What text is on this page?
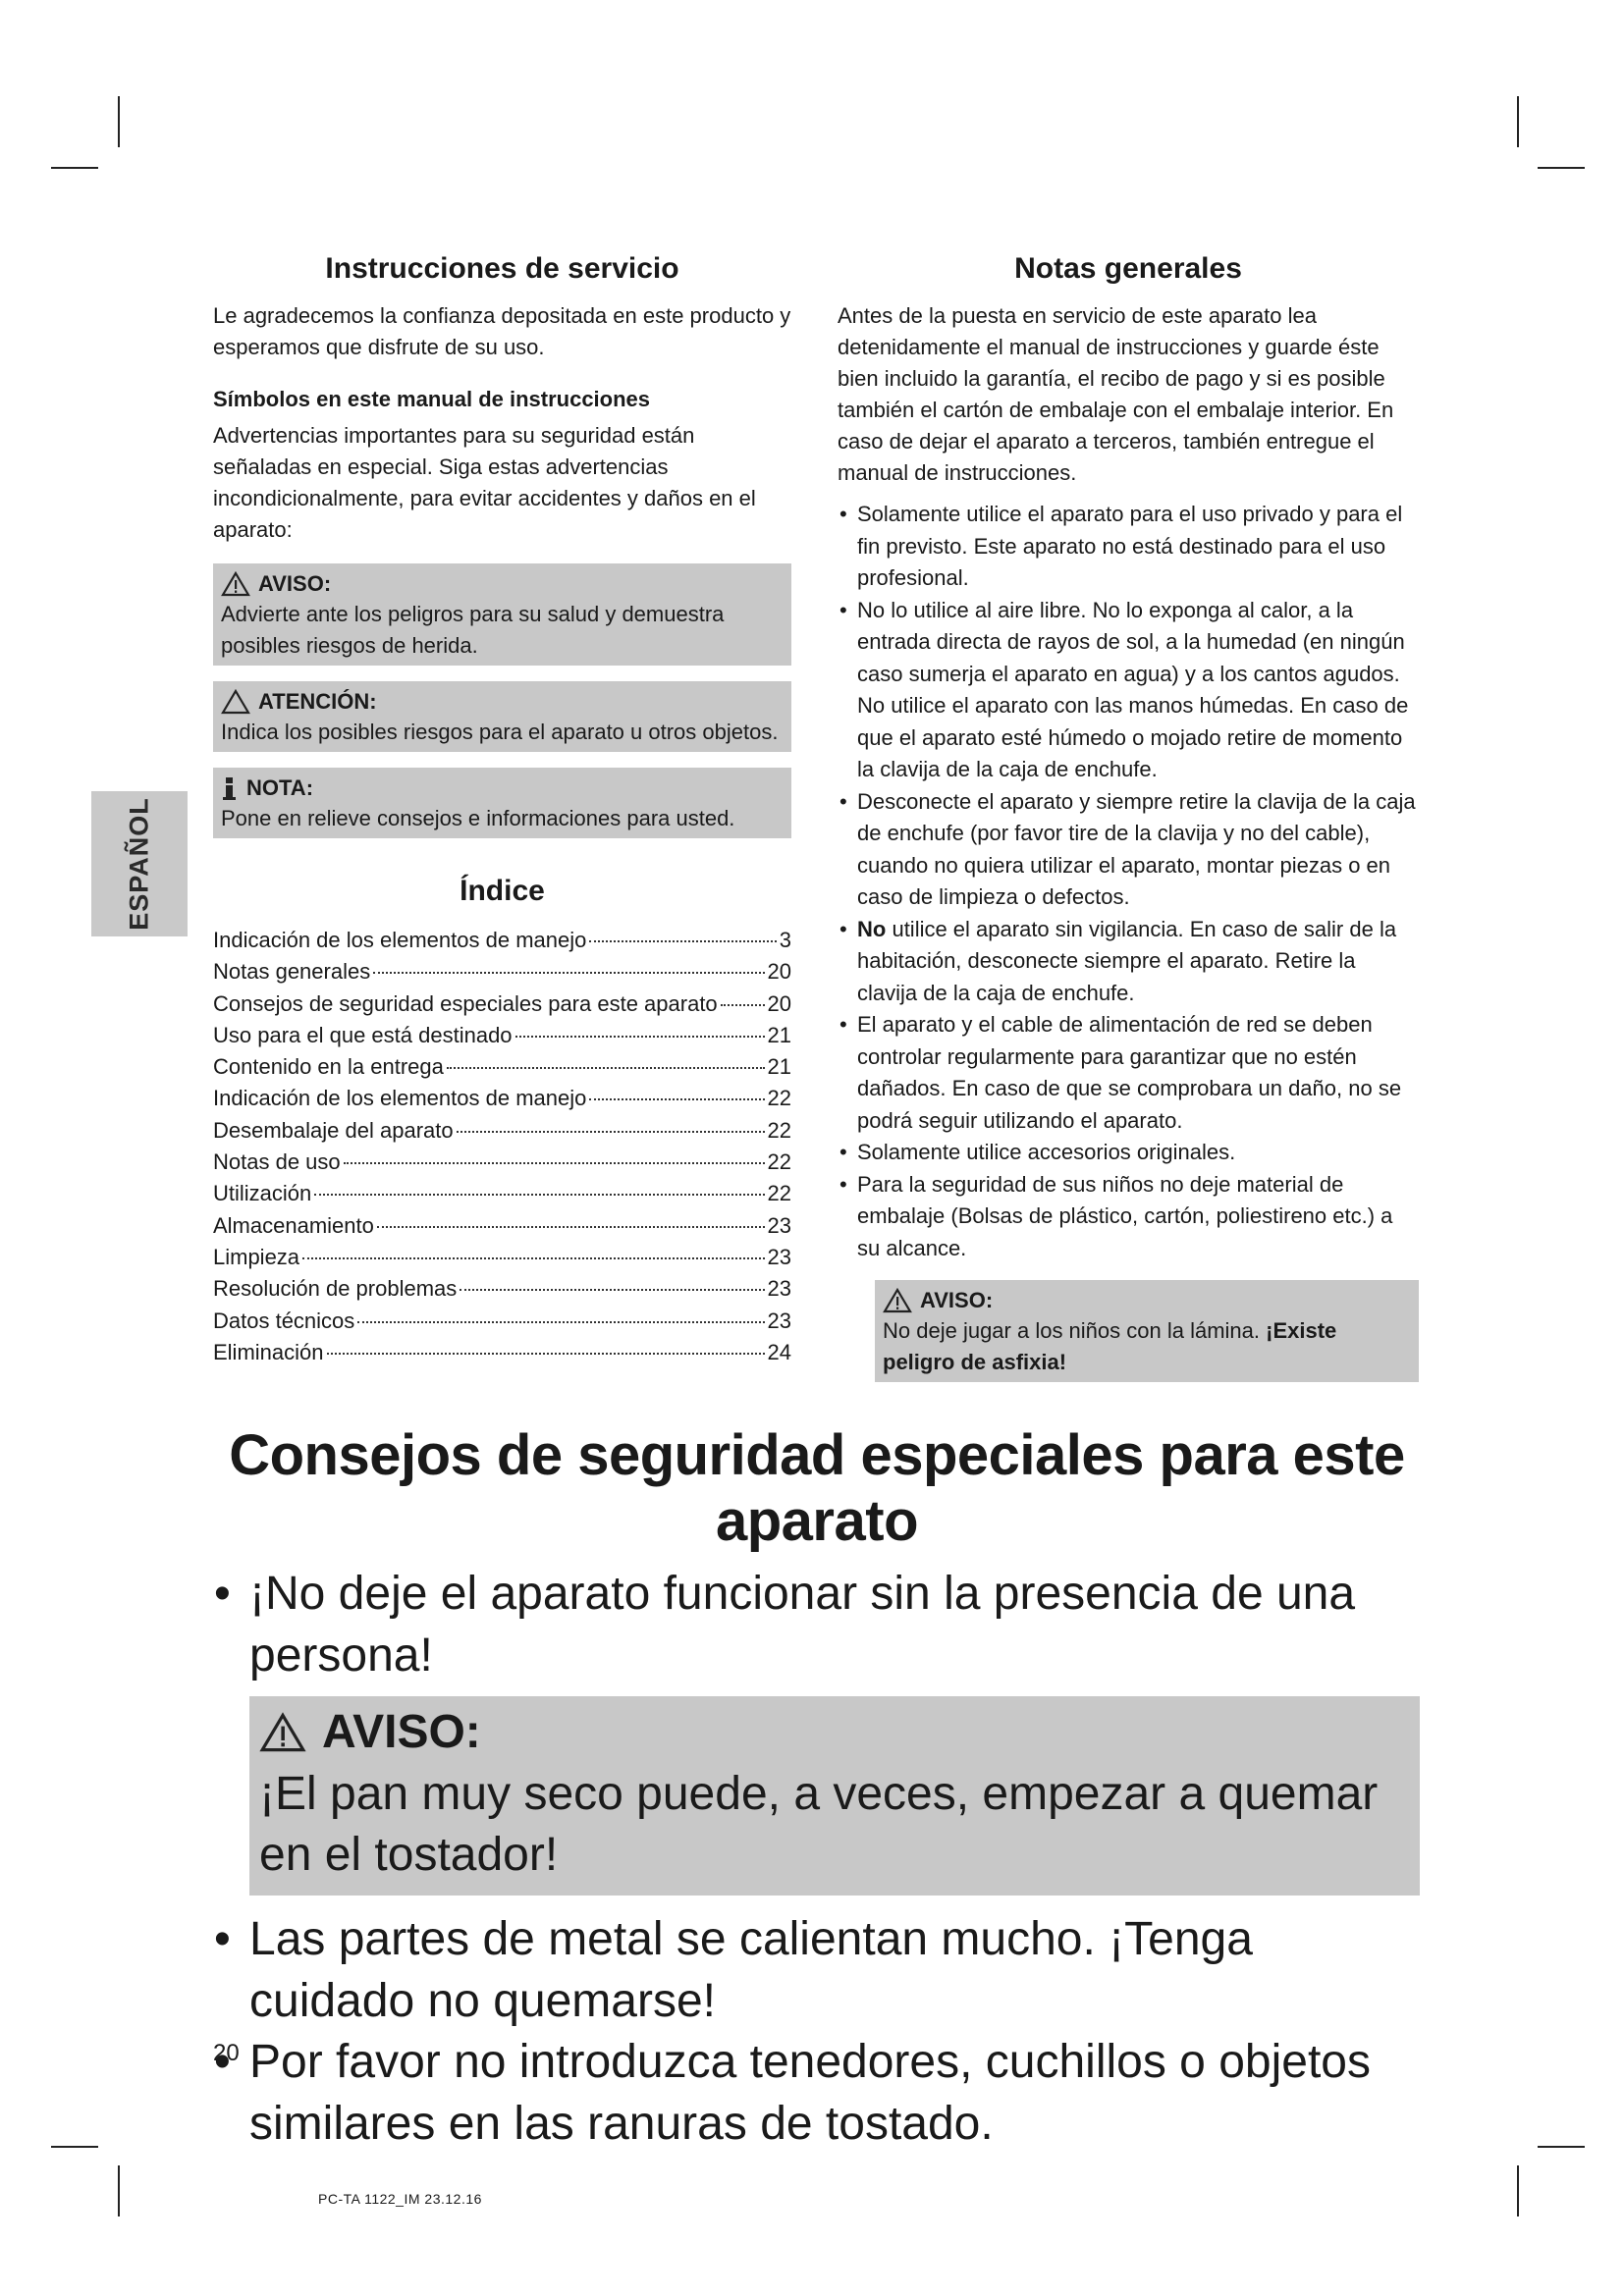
ESPAÑOL
Instrucciones de servicio

Le agradecemos la confianza depositada en este producto y esperamos que disfrute de su uso.

Símbolos en este manual de instrucciones

Advertencias importantes para su seguridad están señaladas en especial. Siga estas advertencias incondicionalmente, para evitar accidentes y daños en el aparato:

AVISO:
Advierte ante los peligros para su salud y demuestra posibles riesgos de herida.
ATENCIÓN:
Indica los posibles riesgos para el aparato u otros objetos.
NOTA:
Pone en relieve consejos e informaciones para usted.
Índice
Indicación de los elementos de manejo	3
Notas generales	20
Consejos de seguridad especiales para este aparato 20
Uso para el que está destinado	21
Contenido en la entrega	21
Indicación de los elementos de manejo	22
Desembalaje del aparato	22
Notas de uso	22
Utilización	22
Almacenamiento	23
Limpieza	23
Resolución de problemas	23
Datos técnicos	23
Eliminación	24
Notas generales

Antes de la puesta en servicio de este aparato lea detenidamente el manual de instrucciones y guarde éste bien incluido la garantía, el recibo de pago y si es posible también el cartón de embalaje con el embalaje interior. En caso de dejar el aparato a terceros, también entregue el manual de instrucciones.

• Solamente utilice el aparato para el uso privado y para el fin previsto. Este aparato no está destinado para el uso profesional.
• No lo utilice al aire libre. No lo exponga al calor, a la entrada directa de rayos de sol, a la humedad (en ningún caso sumerja el aparato en agua) y a los cantos agudos. No utilice el aparato con las manos húmedas. En caso de que el aparato esté húmedo o mojado retire de momento la clavija de la caja de enchufe.
• Desconecte el aparato y siempre retire la clavija de la caja de enchufe (por favor tire de la clavija y no del cable), cuando no quiera utilizar el aparato, montar piezas o en caso de limpieza o defectos.
• No utilice el aparato sin vigilancia. En caso de salir de la habitación, desconecte siempre el aparato. Retire la clavija de la caja de enchufe.
• El aparato y el cable de alimentación de red se deben controlar regularmente para garantizar que no estén dañados. En caso de que se comprobara un daño, no se podrá seguir utilizando el aparato.
• Solamente utilice accesorios originales.
• Para la seguridad de sus niños no deje material de embalaje (Bolsas de plástico, cartón, poliestireno etc.) a su alcance.
AVISO:
No deje jugar a los niños con la lámina. ¡Existe peligro de asfixia!
Consejos de seguridad especiales para este aparato
• ¡No deje el aparato funcionar sin la presencia de una persona!
AVISO:
¡El pan muy seco puede, a veces, empezar a quemar en el tostador!
• Las partes de metal se calientan mucho. ¡Tenga cuidado no quemarse!
• Por favor no introduzca tenedores, cuchillos o objetos similares en las ranuras de tostado.
20
PC-TA 1122_IM 23.12.16
